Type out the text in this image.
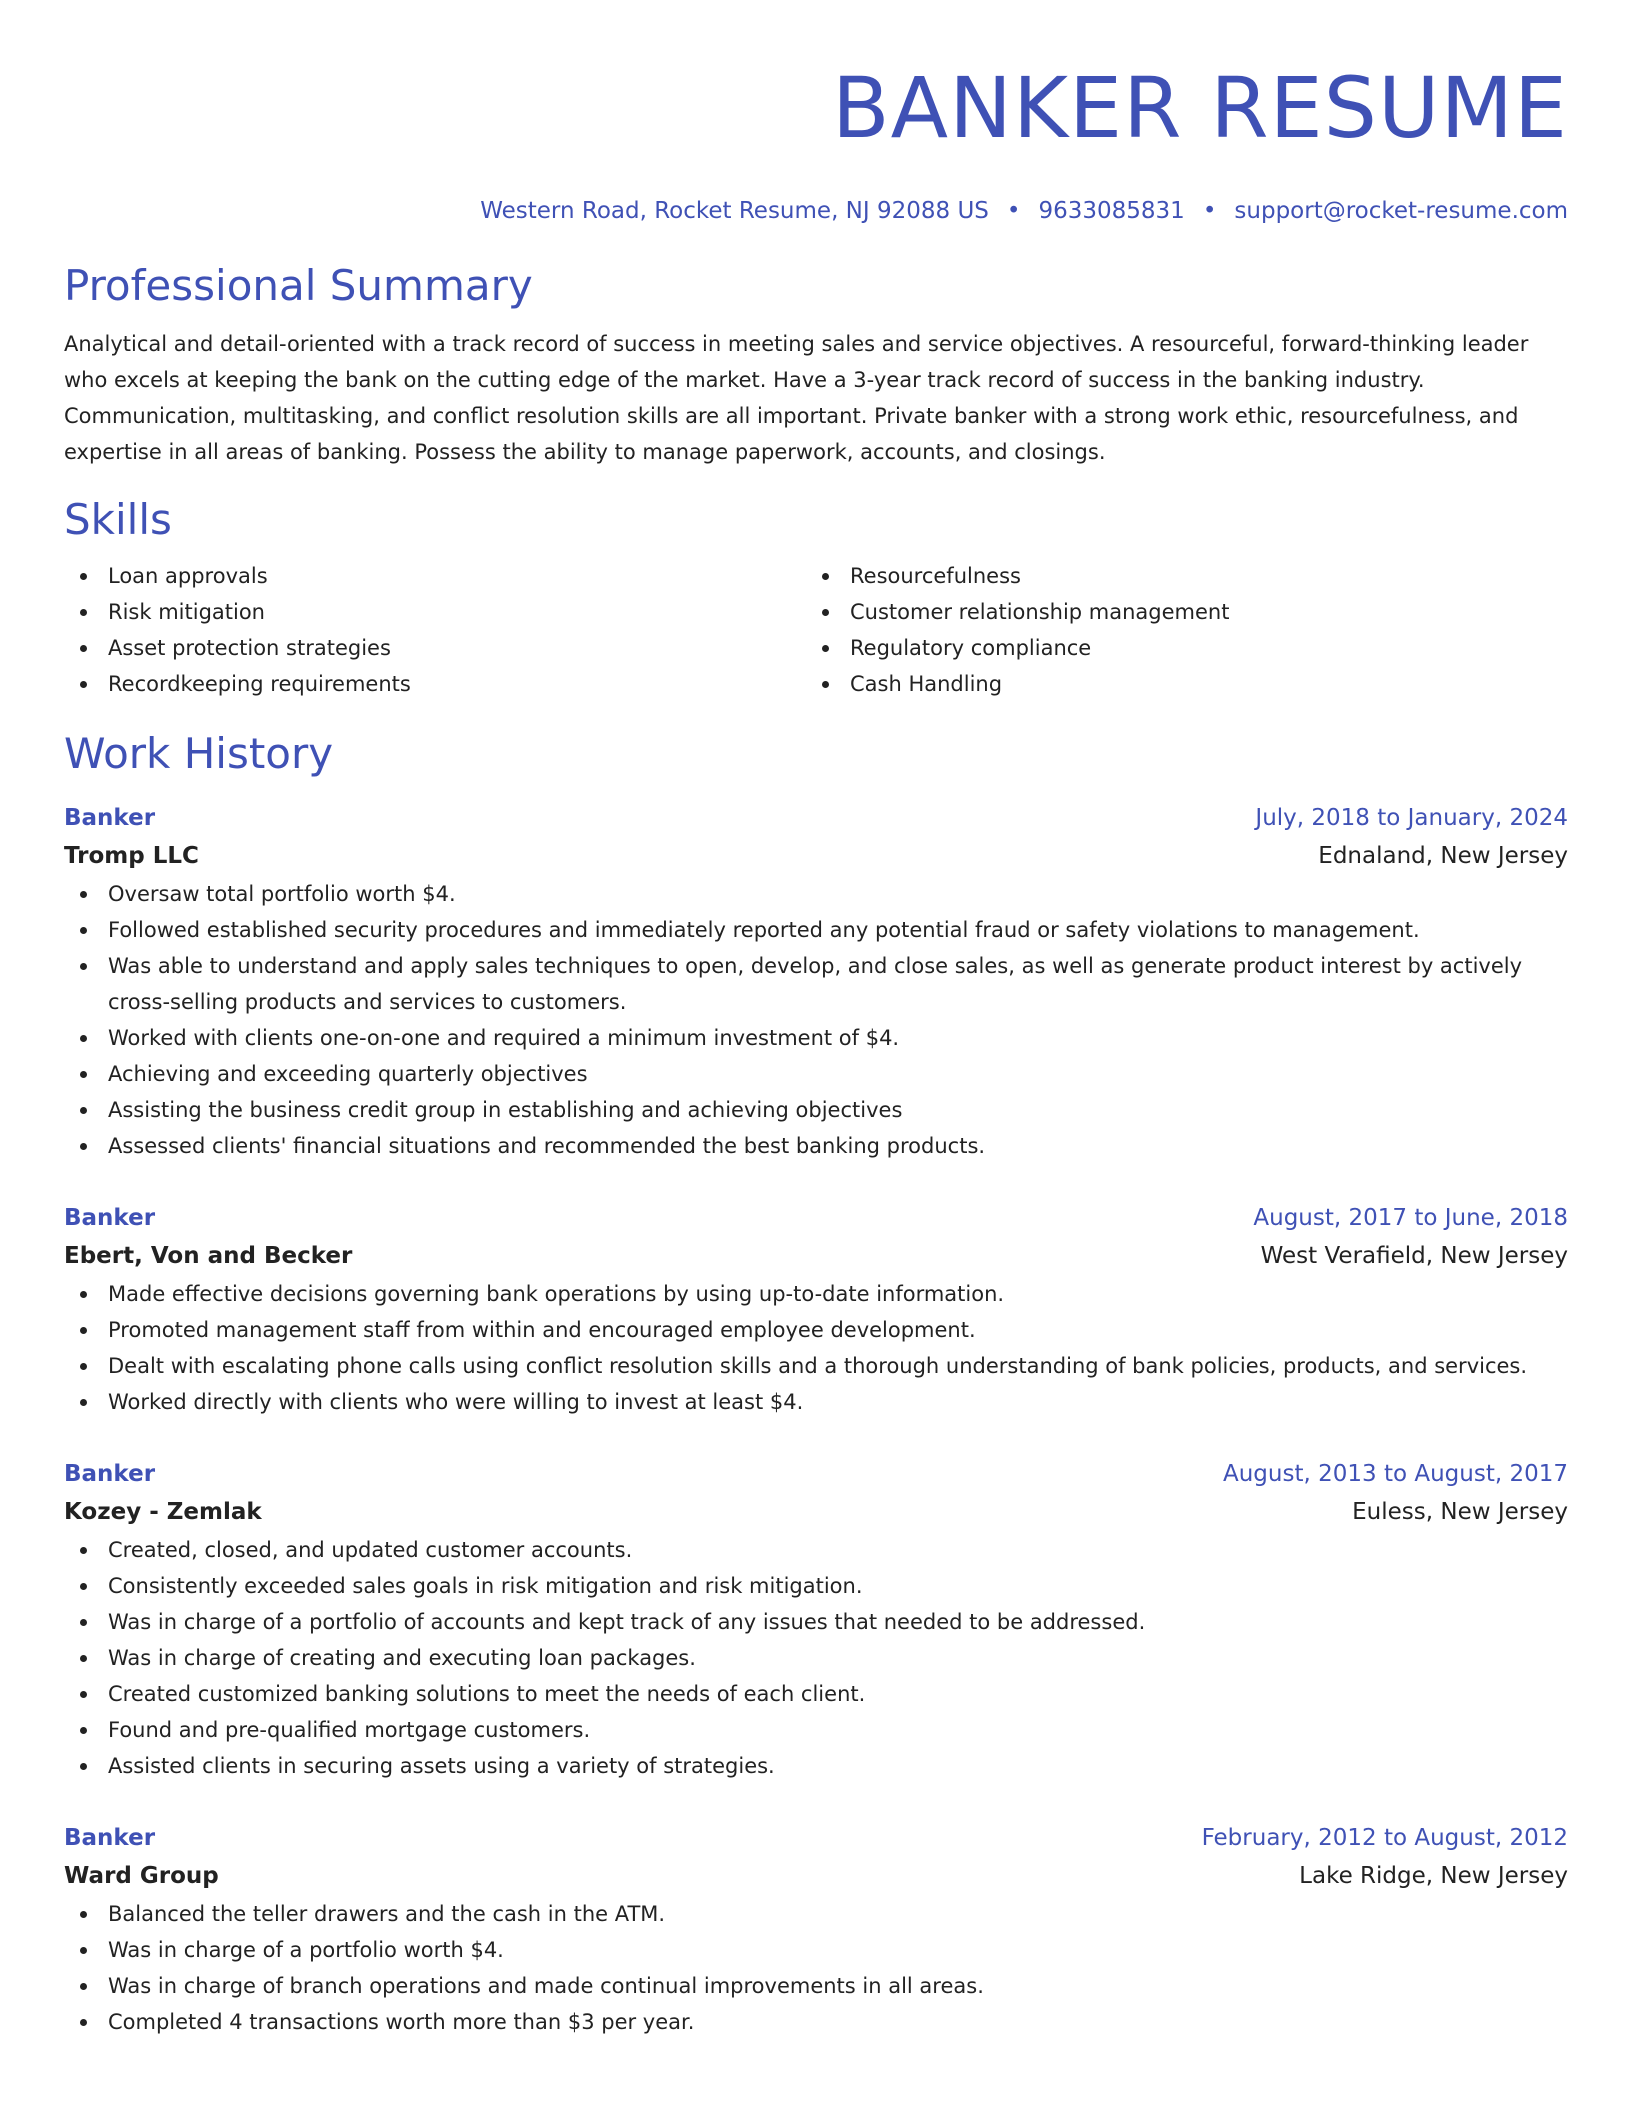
BANKER RESUME
Western Road, Rocket Resume, NJ 92088 US • 9633085831 • support@rocket-resume.com
Professional Summary
Analytical and detail-oriented with a track record of success in meeting sales and service objectives. A resourceful, forward-thinking leader who excels at keeping the bank on the cutting edge of the market. Have a 3-year track record of success in the banking industry. Communication, multitasking, and conflict resolution skills are all important. Private banker with a strong work ethic, resourcefulness, and expertise in all areas of banking. Possess the ability to manage paperwork, accounts, and closings.
Skills
Loan approvals
Risk mitigation
Asset protection strategies
Recordkeeping requirements
Resourcefulness
Customer relationship management
Regulatory compliance
Cash Handling
Work History
Banker	July, 2018 to January, 2024
Tromp LLC	Ednaland, New Jersey
Oversaw total portfolio worth $4.
Followed established security procedures and immediately reported any potential fraud or safety violations to management.
Was able to understand and apply sales techniques to open, develop, and close sales, as well as generate product interest by actively cross-selling products and services to customers.
Worked with clients one-on-one and required a minimum investment of $4.
Achieving and exceeding quarterly objectives
Assisting the business credit group in establishing and achieving objectives
Assessed clients' financial situations and recommended the best banking products.
Banker	August, 2017 to June, 2018
Ebert, Von and Becker	West Verafield, New Jersey
Made effective decisions governing bank operations by using up-to-date information.
Promoted management staff from within and encouraged employee development.
Dealt with escalating phone calls using conflict resolution skills and a thorough understanding of bank policies, products, and services.
Worked directly with clients who were willing to invest at least $4.
Banker	August, 2013 to August, 2017
Kozey - Zemlak	Euless, New Jersey
Created, closed, and updated customer accounts.
Consistently exceeded sales goals in risk mitigation and risk mitigation.
Was in charge of a portfolio of accounts and kept track of any issues that needed to be addressed.
Was in charge of creating and executing loan packages.
Created customized banking solutions to meet the needs of each client.
Found and pre-qualified mortgage customers.
Assisted clients in securing assets using a variety of strategies.
Banker	February, 2012 to August, 2012
Ward Group	Lake Ridge, New Jersey
Balanced the teller drawers and the cash in the ATM.
Was in charge of a portfolio worth $4.
Was in charge of branch operations and made continual improvements in all areas.
Completed 4 transactions worth more than $3 per year.
